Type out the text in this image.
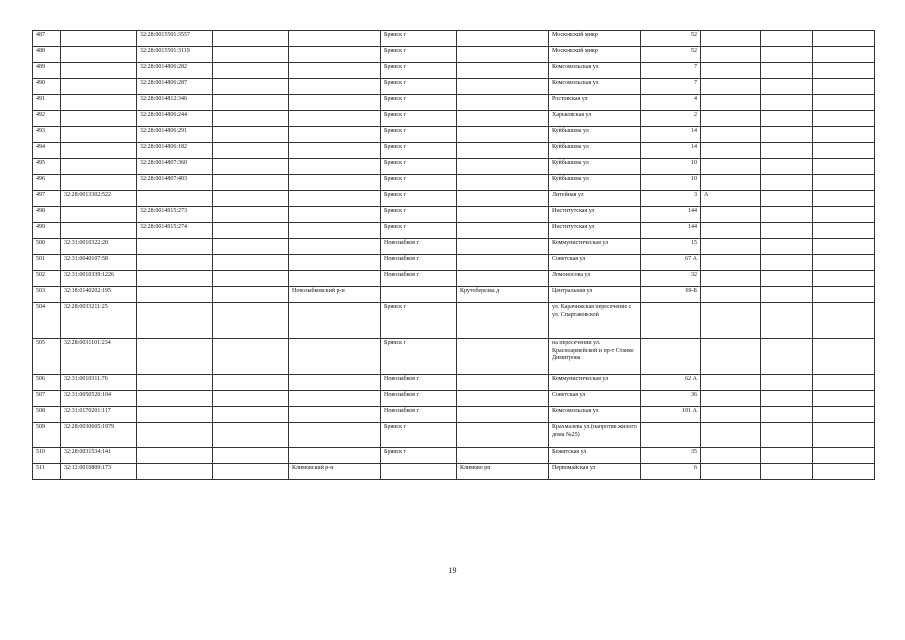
487		32:28:0015501:3557			Брянск г		Московский микр	52			
488		32:28:0015501:3119			Брянск г		Московский микр	52			
489		32:28:0014806:282			Брянск г		Комсомольская ул	7			
490		32:28:0014806:287			Брянск г		Комсомольская ул	7			
491		32:28:0014812:346			Брянск г		Ростовская ул	4			
492		32:28:0014806:244			Брянск г		Харьковская ул	2			
493		32:28:0014806:291			Брянск г		Куйбышева ул	14			
494		32:28:0014806:182			Брянск г		Куйбышева ул	14			
495		32:28:0014807:360			Брянск г		Куйбышева ул	10			
496		32:28:0014807:403			Брянск г		Куйбышева ул	10			
497	32:28:0013302:522				Брянск г		Литейная ул	3	А		
498		32:28:0014915:273			Брянск г		Институтская ул	144			
499		32:28:0014915:274			Брянск г		Институтская ул	144			
500	32:31:0010322:20				Новозыбков г		Коммунистическая ул	15			
501	32:31:0040107:58				Новозыбков г		Советская ул	67 А			
502	32:31:0010339:1226				Новозыбков г		Ломоносова ул	32			
503	32:18:0140202:195			Новозыбковский р-н		Крутоберезка д	Центральная ул	69-Б			
504	32:28:0033211:25				Брянск г		ул. Карачижская пересечение с ул. Спартаковской				
505	32:28:0031101:234				Брянск г		на пересечении ул. Красноармейской и пр-т Станке Димитрова				
506	32:31:0010311:76				Новозыбков г		Коммунистическая ул	62 А			
507	32:31:0050520:104				Новозыбков г		Советская ул	36			
508	32:31:0170201:117				Новозыбков г		Комсомольская ул	101 А			
509	32:28:0030605:1979				Брянск г		Крахмалева ул.(напротив жилого дома №25)				
510	32:28:0031534:141				Брянск г		Бежитская ул	35			
511	32:12:0010809:173			Климовский р-н		Климово рп	Первомайская ул	6			
19
